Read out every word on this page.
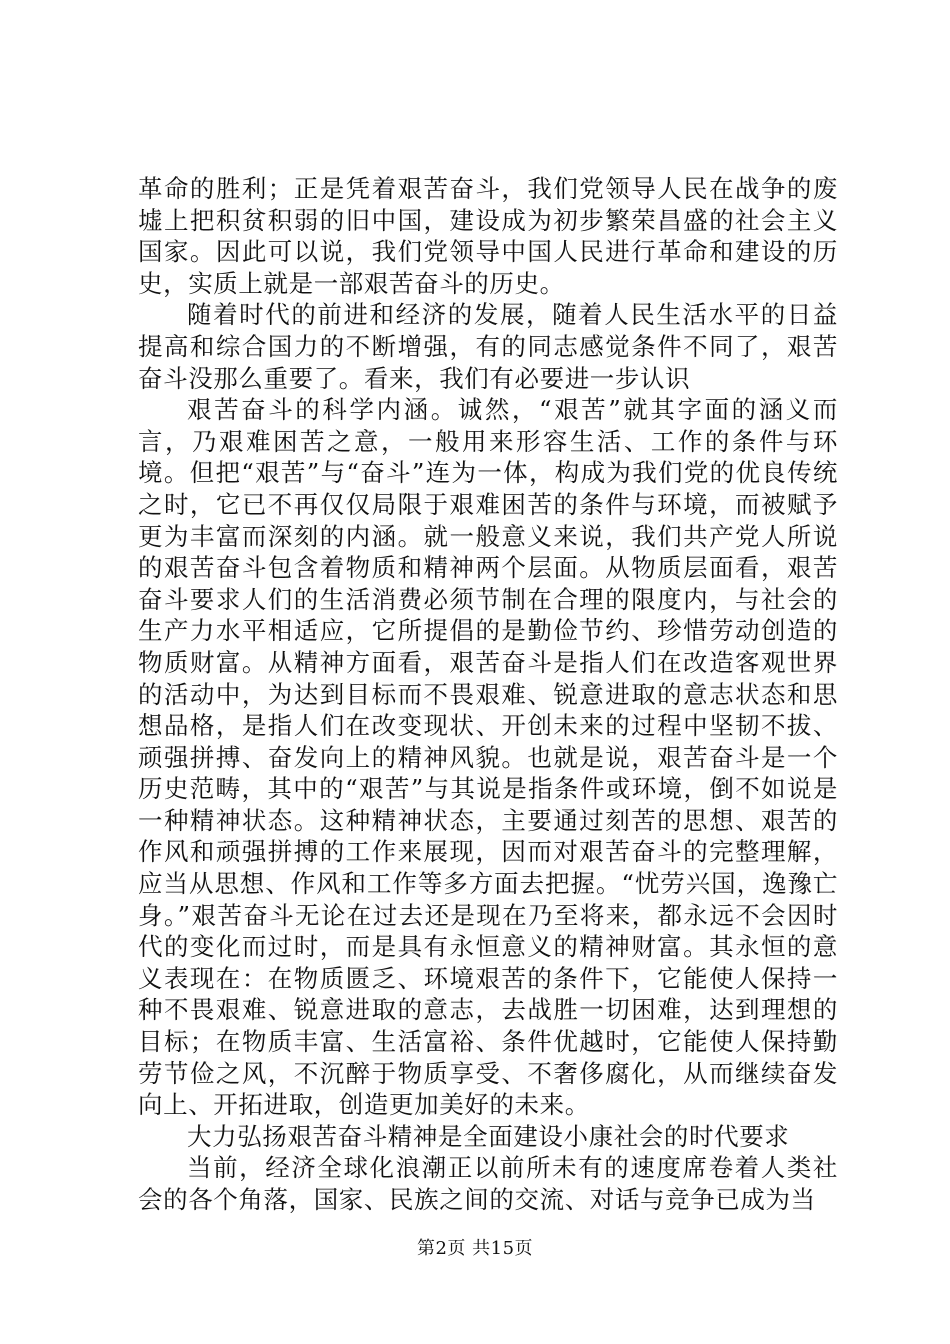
革命的胜利；正是凭着艰苦奋斗，我们党领导人民在战争的废墟上把积贫积弱的旧中国，建设成为初步繁荣昌盛的社会主义国家。因此可以说，我们党领导中国人民进行革命和建设的历史，实质上就是一部艰苦奋斗的历史。

随着时代的前进和经济的发展，随着人民生活水平的日益提高和综合国力的不断增强，有的同志感觉条件不同了，艰苦奋斗没那么重要了。看来，我们有必要进一步认识

艰苦奋斗的科学内涵。诚然，“艰苦”就其字面的涵义而言，乃艰难困苦之意，一般用来形容生活、工作的条件与环境。但把“艰苦”与“奋斗”连为一体，构成为我们党的优良传统之时，它已不再仅仅局限于艰难困苦的条件与环境，而被赋予更为丰富而深刻的内涵。就一般意义来说，我们共产党人所说的艰苦奋斗包含着物质和精神两个层面。从物质层面看，艰苦奋斗要求人们的生活消费必须节制在合理的限度内，与社会的生产力水平相适应，它所提倡的是勤俭节约、珍惜劳动创造的物质财富。从精神方面看，艰苦奋斗是指人们在改造客观世界的活动中，为达到目标而不畏艰难、锐意进取的意志状态和思想品格，是指人们在改变现状、开创未来的过程中坚韧不拔、顽强拼搏、奋发向上的精神风貌。也就是说，艰苦奋斗是一个历史范畴，其中的“艰苦”与其说是指条件或环境，倒不如说是一种精神状态。这种精神状态，主要通过刻苦的思想、艰苦的作风和顽强拼搏的工作来展现，因而对艰苦奋斗的完整理解，应当从思想、作风和工作等多方面去把握。“忧劳兴国，逸豫亡身。”艰苦奋斗无论在过去还是现在乃至将来，都永远不会因时代的变化而过时，而是具有永恒意义的精神财富。其永恒的意义表现在：在物质匮乏、环境艰苦的条件下，它能使人保持一种不畏艰难、锐意进取的意志，去战胜一切困难，达到理想的目标；在物质丰富、生活富裕、条件优越时，它能使人保持勤劳节俭之风，不沉醉于物质享受、不奢侈腐化，从而继续奋发向上、开拓进取，创造更加美好的未来。

大力弘扬艰苦奋斗精神是全面建设小康社会的时代要求

当前，经济全球化浪潮正以前所未有的速度席卷着人类社会的各个角落，国家、民族之间的交流、对话与竞争已成为当

第2页 共15页
